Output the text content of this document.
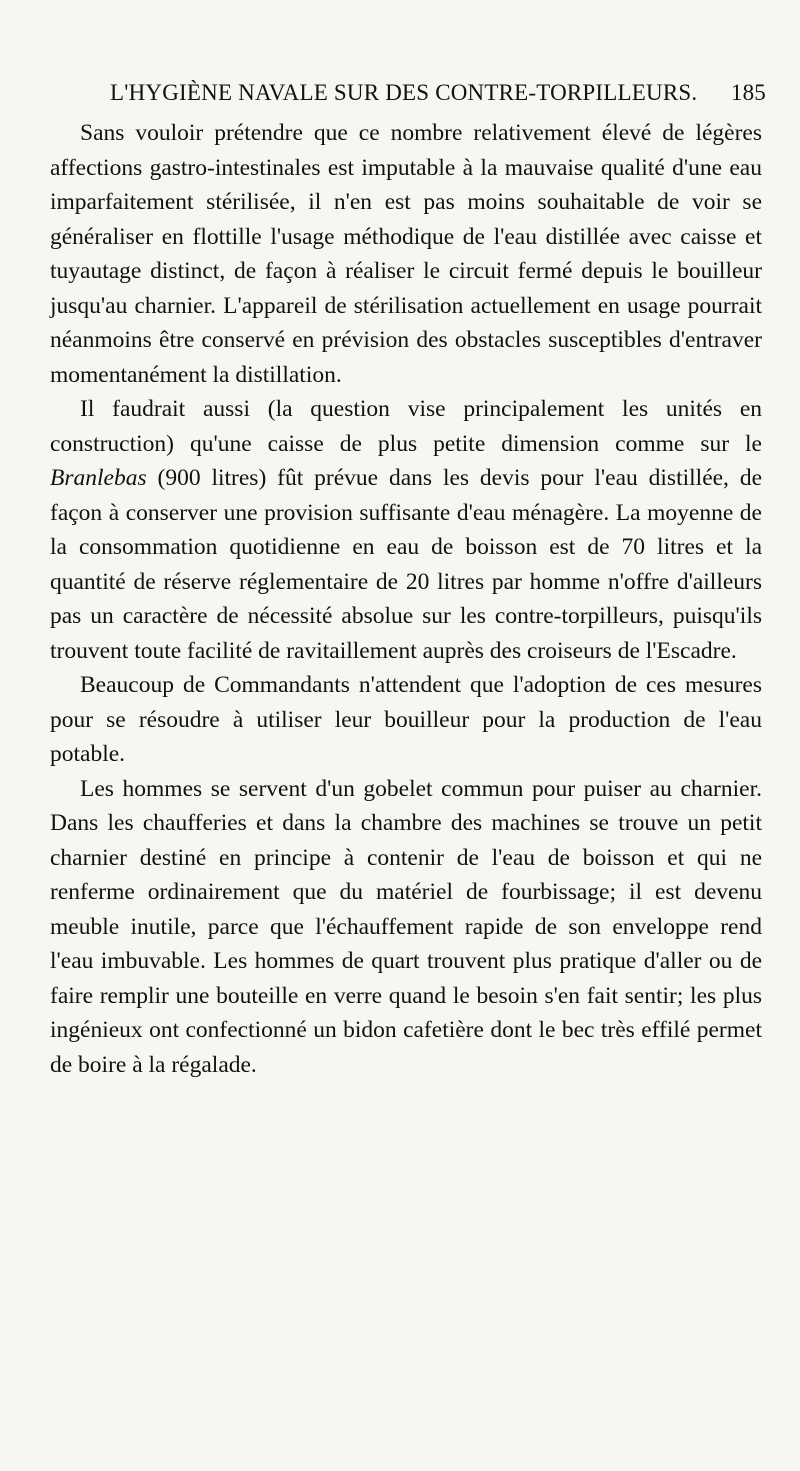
L'HYGIÈNE NAVALE SUR DES CONTRE-TORPILLEURS. 185

Sans vouloir prétendre que ce nombre relativement élevé de légères affections gastro-intestinales est imputable à la mauvaise qualité d'une eau imparfaitement stérilisée, il n'en est pas moins souhaitable de voir se généraliser en flottille l'usage méthodique de l'eau distillée avec caisse et tuyautage distinct, de façon à réaliser le circuit fermé depuis le bouilleur jusqu'au charnier. L'appareil de stérilisation actuellement en usage pourrait néanmoins être conservé en prévision des obstacles susceptibles d'entraver momentanément la distillation.

Il faudrait aussi (la question vise principalement les unités en construction) qu'une caisse de plus petite dimension comme sur le Branlebas (900 litres) fût prévue dans les devis pour l'eau distillée, de façon à conserver une provision suffisante d'eau ménagère. La moyenne de la consommation quotidienne en eau de boisson est de 70 litres et la quantité de réserve réglementaire de 20 litres par homme n'offre d'ailleurs pas un caractère de nécessité absolue sur les contre-torpilleurs, puisqu'ils trouvent toute facilité de ravitaillement auprès des croiseurs de l'Escadre.

Beaucoup de Commandants n'attendent que l'adoption de ces mesures pour se résoudre à utiliser leur bouilleur pour la production de l'eau potable.

Les hommes se servent d'un gobelet commun pour puiser au charnier. Dans les chaufferies et dans la chambre des machines se trouve un petit charnier destiné en principe à contenir de l'eau de boisson et qui ne renferme ordinairement que du matériel de fourbissage; il est devenu meuble inutile, parce que l'échauffement rapide de son enveloppe rend l'eau imbuvable. Les hommes de quart trouvent plus pratique d'aller ou de faire remplir une bouteille en verre quand le besoin s'en fait sentir; les plus ingénieux ont confectionné un bidon cafetière dont le bec très effilé permet de boire à la régalade.
